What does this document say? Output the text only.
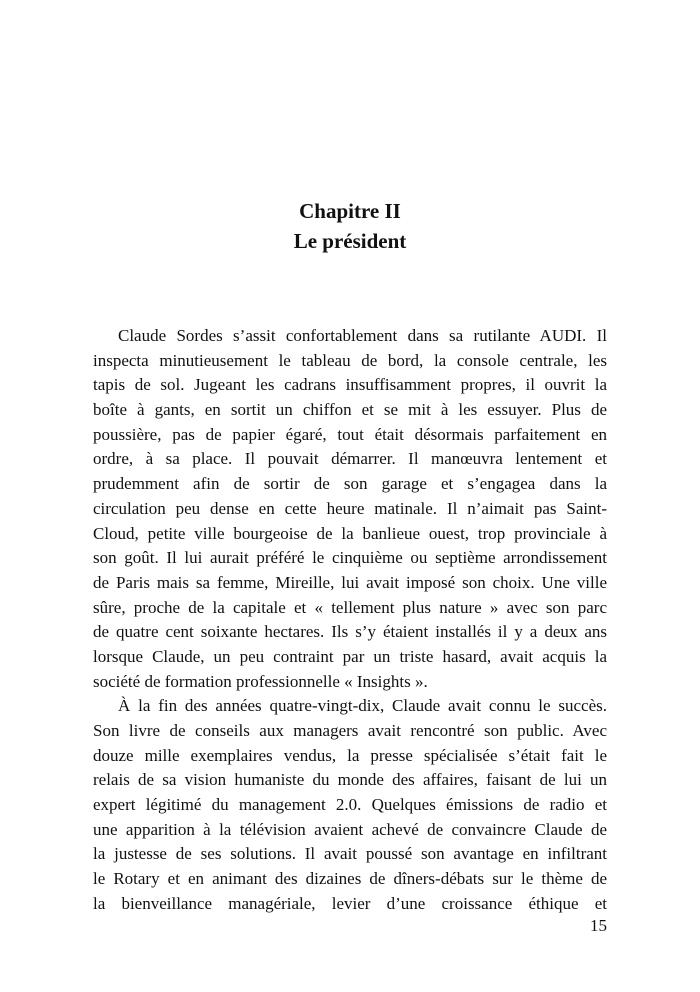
Chapitre II
Le président
Claude Sordes s’assit confortablement dans sa rutilante AUDI. Il
inspecta minutieusement le tableau de bord, la console centrale, les
tapis de sol. Jugeant les cadrans insuffisamment propres, il ouvrit la
boîte à gants, en sortit un chiffon et se mit à les essuyer. Plus de
poussière, pas de papier égaré, tout était désormais parfaitement en
ordre, à sa place. Il pouvait démarrer. Il manœuvra lentement et
prudemment afin de sortir de son garage et s’engagea dans la
circulation peu dense en cette heure matinale. Il n’aimait pas Saint-
Cloud, petite ville bourgeoise de la banlieue ouest, trop provinciale à
son goût. Il lui aurait préféré le cinquième ou septième arrondissement
de Paris mais sa femme, Mireille, lui avait imposé son choix. Une ville
sûre, proche de la capitale et « tellement plus nature » avec son parc
de quatre cent soixante hectares. Ils s’y étaient installés il y a deux ans
lorsque Claude, un peu contraint par un triste hasard, avait acquis la
société de formation professionnelle « Insights ».
À la fin des années quatre-vingt-dix, Claude avait connu le succès.
Son livre de conseils aux managers avait rencontré son public. Avec
douze mille exemplaires vendus, la presse spécialisée s’était fait le
relais de sa vision humaniste du monde des affaires, faisant de lui un
expert légitimé du management 2.0. Quelques émissions de radio et
une apparition à la télévision avaient achevé de convaincre Claude de
la justesse de ses solutions. Il avait poussé son avantage en infiltrant
le Rotary et en animant des dizaines de dîners-débats sur le thème de
la bienveillance managériale, levier d’une croissance éthique et
15
